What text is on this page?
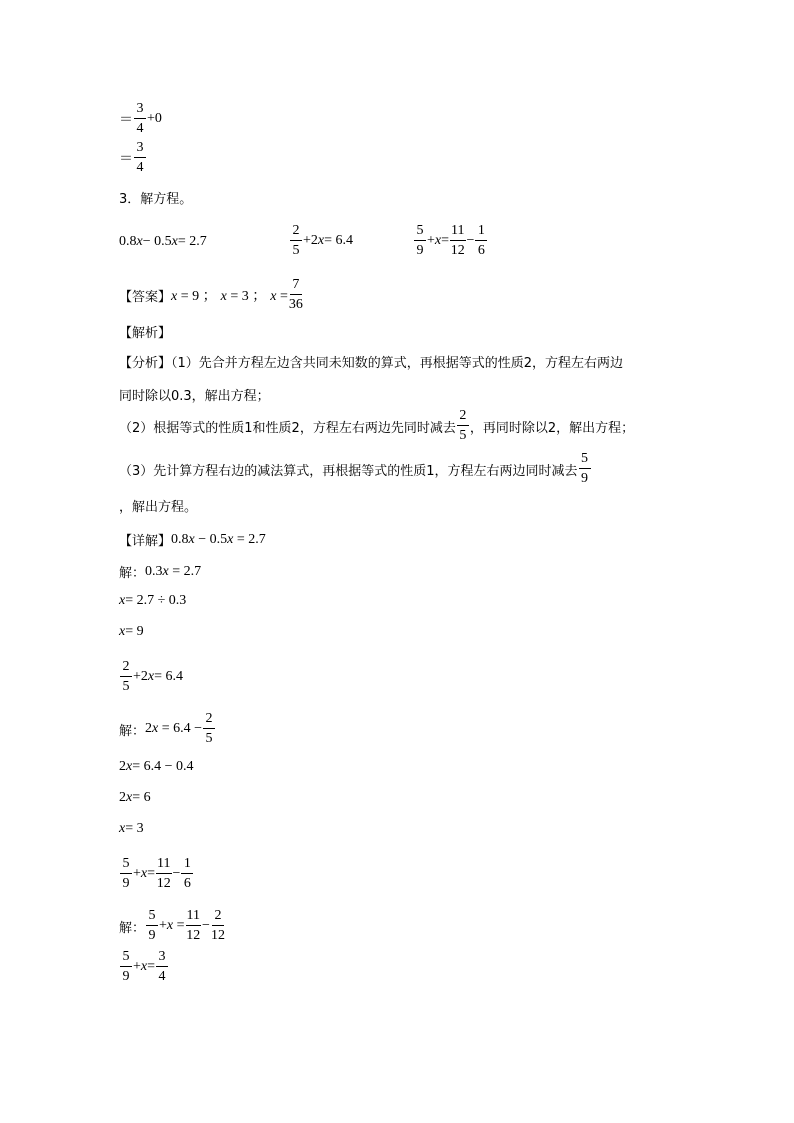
＝ $\frac{3}{4} +0$
＝ $\frac{3}{4}$
3．解方程。
0.8 x − 0.5 x = 2.7	$\frac{2}{5} +2$ x = 6.4	$\frac{5}{9} + x = \frac{11}{12} - \frac{1}{6}$
【答案】 x = 9 ； x = 3 ； $x = \frac{7}{36}$
【解析】
【分析】（1）先合并方程左边含共同未知数的算式，再根据等式的性质2，方程左右两边
同时除以0.3，解出方程；
（2）根据等式的性质1和性质2，方程左右两边先同时减去 $\frac{2}{5}$ ，再同时除以2，解出方程；
（3）先计算方程右边的减法算式，再根据等式的性质1，方程左右两边同时减去 $\frac{5}{9}$
，解出方程。
【详解】 0.8x − 0.5x = 2.7
解： 0.3x = 2.7
x = 2.7 ÷ 0.3
x = 9
$\frac{2}{5} +2$ x = 6.4
解： $2x = 6.4 - \frac{2}{5}$
2 x = 6.4 − 0.4
2 x = 6
x = 3
$\frac{5}{9} + x = \frac{11}{12} - \frac{1}{6}$
解： $\frac{5}{9} +x = \frac{11}{12} - \frac{2}{12}$
$\frac{5}{9} + x = \frac{3}{4}$
